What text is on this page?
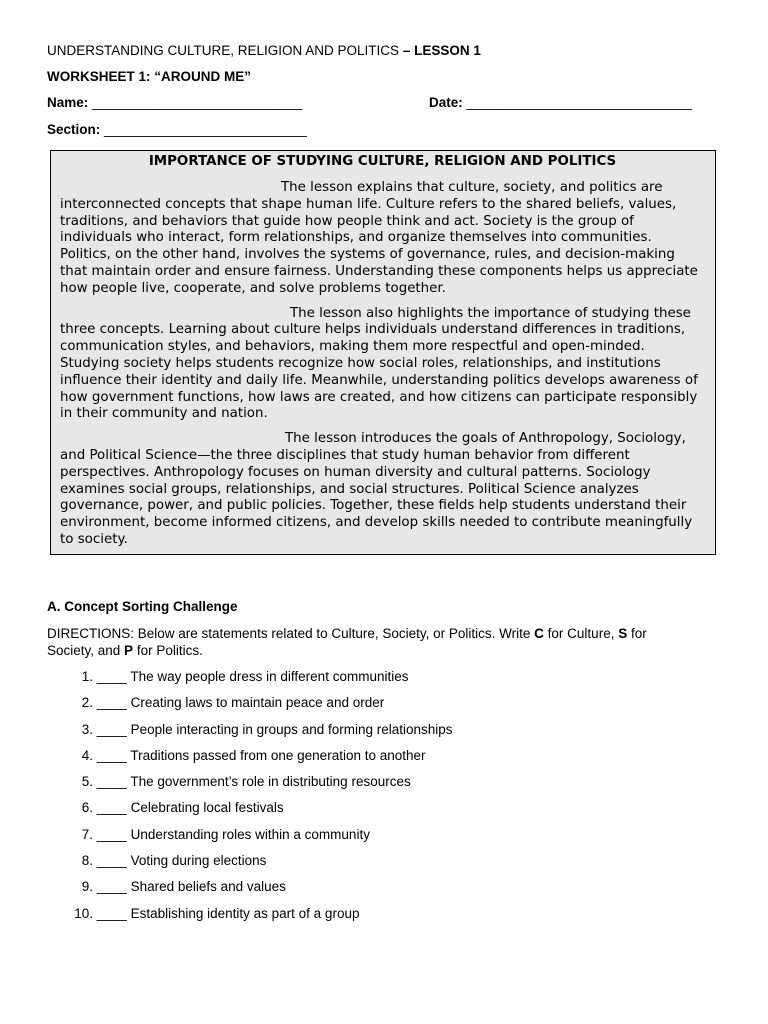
UNDERSTANDING CULTURE, RELIGION AND POLITICS – LESSON 1
WORKSHEET 1: “AROUND ME”
Name: ____________________________	Date: ______________________________
Section: ___________________________
IMPORTANCE OF STUDYING CULTURE, RELIGION AND POLITICS

The lesson explains that culture, society, and politics are interconnected concepts that shape human life. Culture refers to the shared beliefs, values, traditions, and behaviors that guide how people think and act. Society is the group of individuals who interact, form relationships, and organize themselves into communities. Politics, on the other hand, involves the systems of governance, rules, and decision-making that maintain order and ensure fairness. Understanding these components helps us appreciate how people live, cooperate, and solve problems together.

The lesson also highlights the importance of studying these three concepts. Learning about culture helps individuals understand differences in traditions, communication styles, and behaviors, making them more respectful and open-minded. Studying society helps students recognize how social roles, relationships, and institutions influence their identity and daily life. Meanwhile, understanding politics develops awareness of how government functions, how laws are created, and how citizens can participate responsibly in their community and nation.

The lesson introduces the goals of Anthropology, Sociology, and Political Science—the three disciplines that study human behavior from different perspectives. Anthropology focuses on human diversity and cultural patterns. Sociology examines social groups, relationships, and social structures. Political Science analyzes governance, power, and public policies. Together, these fields help students understand their environment, become informed citizens, and develop skills needed to contribute meaningfully to society.

A. Concept Sorting Challenge
DIRECTIONS: Below are statements related to Culture, Society, or Politics. Write C for Culture, S for Society, and P for Politics.
1. ____ The way people dress in different communities
2. ____ Creating laws to maintain peace and order
3. ____ People interacting in groups and forming relationships
4. ____ Traditions passed from one generation to another
5. ____ The government’s role in distributing resources
6. ____ Celebrating local festivals
7. ____ Understanding roles within a community
8. ____ Voting during elections
9. ____ Shared beliefs and values
10. ____ Establishing identity as part of a group
